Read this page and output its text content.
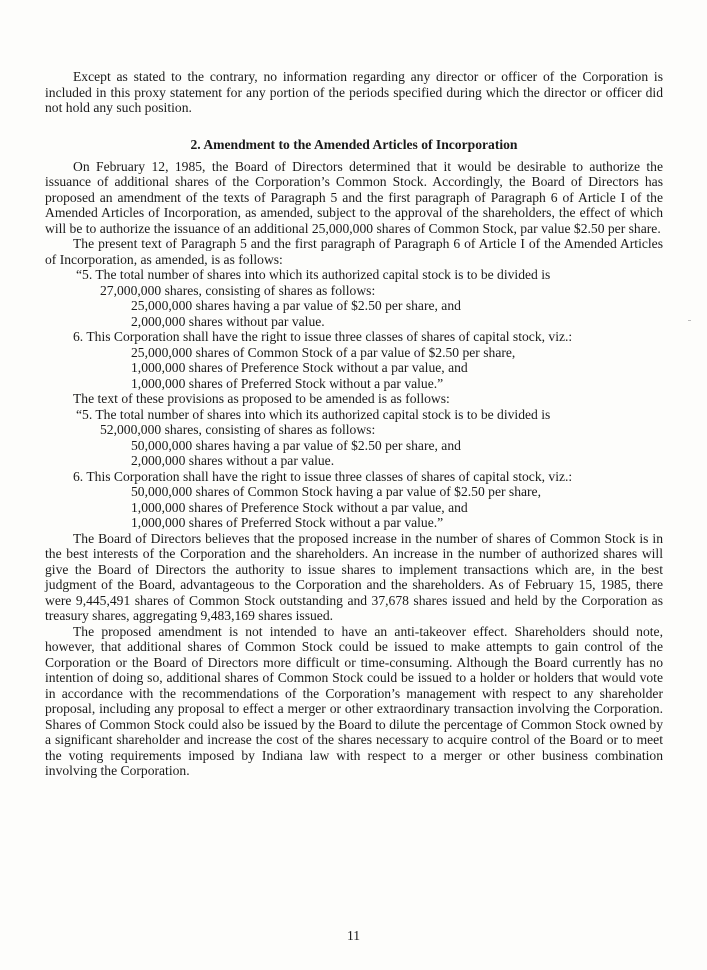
Except as stated to the contrary, no information regarding any director or officer of the Corporation is included in this proxy statement for any portion of the periods specified during which the director or officer did not hold any such position.

2. Amendment to the Amended Articles of Incorporation

On February 12, 1985, the Board of Directors determined that it would be desirable to authorize the issuance of additional shares of the Corporation’s Common Stock. Accordingly, the Board of Directors has proposed an amendment of the texts of Paragraph 5 and the first paragraph of Paragraph 6 of Article I of the Amended Articles of Incorporation, as amended, subject to the approval of the shareholders, the effect of which will be to authorize the issuance of an additional 25,000,000 shares of Common Stock, par value $2.50 per share.

The present text of Paragraph 5 and the first paragraph of Paragraph 6 of Article I of the Amended Articles of Incorporation, as amended, is as follows:

“5. The total number of shares into which its authorized capital stock is to be divided is

27,000,000 shares, consisting of shares as follows:

25,000,000 shares having a par value of $2.50 per share, and

2,000,000 shares without par value.

6. This Corporation shall have the right to issue three classes of shares of capital stock, viz.:

25,000,000 shares of Common Stock of a par value of $2.50 per share,

1,000,000 shares of Preference Stock without a par value, and

1,000,000 shares of Preferred Stock without a par value.”

The text of these provisions as proposed to be amended is as follows:

“5. The total number of shares into which its authorized capital stock is to be divided is

52,000,000 shares, consisting of shares as follows:

50,000,000 shares having a par value of $2.50 per share, and

2,000,000 shares without a par value.

6. This Corporation shall have the right to issue three classes of shares of capital stock, viz.:

50,000,000 shares of Common Stock having a par value of $2.50 per share,

1,000,000 shares of Preference Stock without a par value, and

1,000,000 shares of Preferred Stock without a par value.”

The Board of Directors believes that the proposed increase in the number of shares of Common Stock is in the best interests of the Corporation and the shareholders. An increase in the number of authorized shares will give the Board of Directors the authority to issue shares to implement transactions which are, in the best judgment of the Board, advantageous to the Corporation and the shareholders. As of February 15, 1985, there were 9,445,491 shares of Common Stock outstanding and 37,678 shares issued and held by the Corporation as treasury shares, aggregating 9,483,169 shares issued.

The proposed amendment is not intended to have an anti-takeover effect. Shareholders should note, however, that additional shares of Common Stock could be issued to make attempts to gain control of the Corporation or the Board of Directors more difficult or time-consuming. Although the Board currently has no intention of doing so, additional shares of Common Stock could be issued to a holder or holders that would vote in accordance with the recommendations of the Corporation’s management with respect to any shareholder proposal, including any proposal to effect a merger or other extraordinary transaction involving the Corporation. Shares of Common Stock could also be issued by the Board to dilute the percentage of Common Stock owned by a significant shareholder and increase the cost of the shares necessary to acquire control of the Board or to meet the voting requirements imposed by Indiana law with respect to a merger or other business combination involving the Corporation.

11
